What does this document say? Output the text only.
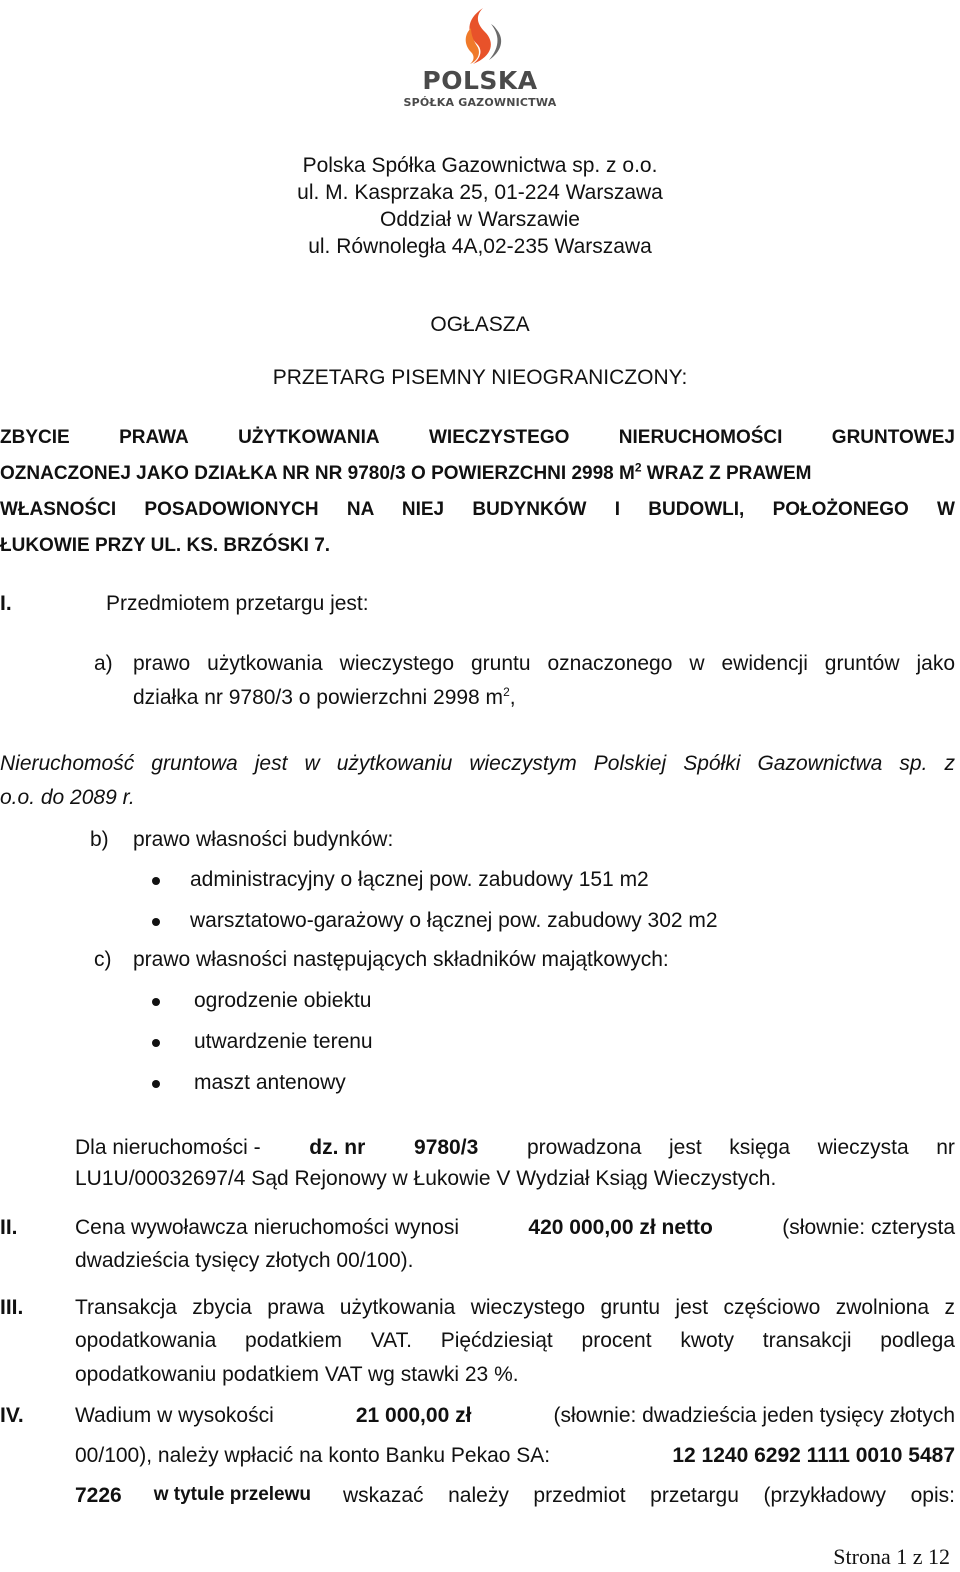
POLSKA
SPÓŁKA GAZOWNICTWA
Polska Spółka Gazownictwa sp. z o.o.
ul. M. Kasprzaka 25, 01-224 Warszawa
Oddział w Warszawie
ul. Równoległa 4A,02-235 Warszawa
OGŁASZA
PRZETARG PISEMNY NIEOGRANICZONY:
ZBYCIE	PRAWA	UŻYTKOWANIA	WIECZYSTEGO	NIERUCHOMOŚCI	GRUNTOWEJ
OZNACZONEJ JAKO DZIAŁKA NR NR 9780/3 O POWIERZCHNI 2998 $M^2$ WRAZ Z PRAWEM
WŁASNOŚCI POSADOWIONYCH NA NIEJ BUDYNKÓW I BUDOWLI, POŁOŻONEGO W
ŁUKOWIE PRZY UL. KS. BRZÓSKI 7.
I.	Przedmiotem przetargu jest:
a) prawo użytkowania wieczystego gruntu oznaczonego w ewidencji gruntów jako
działka nr 9780/3 o powierzchni 2998 $m^2$,
Nieruchomość gruntowa jest w użytkowaniu wieczystym Polskiej Spółki Gazownictwa sp. z
o.o. do 2089 r.
b) prawo własności budynków:
administracyjny o łącznej pow. zabudowy 151 m2
warsztatowo-garażowy o łącznej pow. zabudowy 302 m2
c) prawo własności następujących składników majątkowych:
ogrodzenie obiektu
utwardzenie terenu
maszt antenowy
Dla nieruchomości - dz. nr 9780/3 prowadzona jest księga wieczysta nr
LU1U/00032697/4 Sąd Rejonowy w Łukowie V Wydział Ksiąg Wieczystych.
II.	Cena wywoławcza nieruchomości wynosi	420 000,00 zł netto	(słownie: czterysta
dwadzieścia tysięcy złotych 00/100).
III. Transakcja zbycia prawa użytkowania wieczystego gruntu jest częściowo zwolniona z
opodatkowania podatkiem VAT. Pięćdziesiąt procent kwoty transakcji podlega
opodatkowaniu podatkiem VAT wg stawki 23 %.
IV. Wadium w wysokości	21 000,00 zł	(słownie: dwadzieścia jeden tysięcy złotych
00/100), należy wpłacić na konto Banku Pekao SA:	12 1240 6292 1111 0010 5487
7226 w tytule przelewu wskazać należy przedmiot przetargu (przykładowy opis:
Strona 1 z 12
